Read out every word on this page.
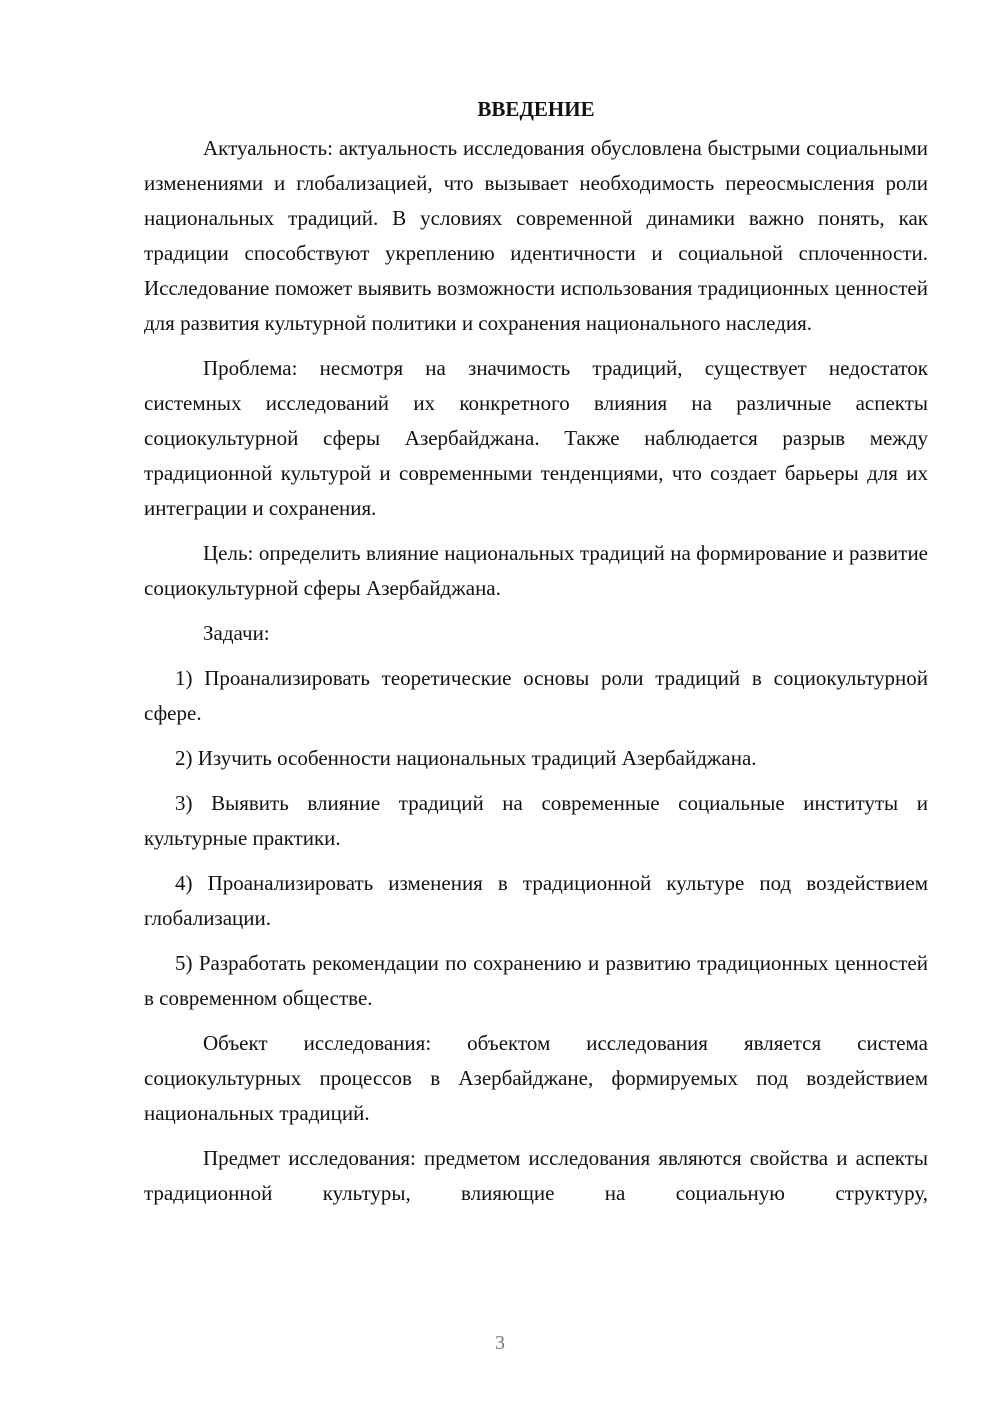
ВВЕДЕНИЕ

Актуальность: актуальность исследования обусловлена быстрыми социальными изменениями и глобализацией, что вызывает необходимость переосмысления роли национальных традиций. В условиях современной динамики важно понять, как традиции способствуют укреплению идентичности и социальной сплоченности. Исследование поможет выявить возможности использования традиционных ценностей для развития культурной политики и сохранения национального наследия.

Проблема: несмотря на значимость традиций, существует недостаток системных исследований их конкретного влияния на различные аспекты социокультурной сферы Азербайджана. Также наблюдается разрыв между традиционной культурой и современными тенденциями, что создает барьеры для их интеграции и сохранения.

Цель: определить влияние национальных традиций на формирование и развитие социокультурной сферы Азербайджана.

Задачи:

1) Проанализировать теоретические основы роли традиций в социокультурной сфере.

2) Изучить особенности национальных традиций Азербайджана.

3) Выявить влияние традиций на современные социальные институты и культурные практики.

4) Проанализировать изменения в традиционной культуре под воздействием глобализации.

5) Разработать рекомендации по сохранению и развитию традиционных ценностей в современном обществе.

Объект исследования: объектом исследования является система социокультурных процессов в Азербайджане, формируемых под воздействием национальных традиций.

Предмет исследования: предметом исследования являются свойства и аспекты традиционной культуры, влияющие на социальную структуру,

3
